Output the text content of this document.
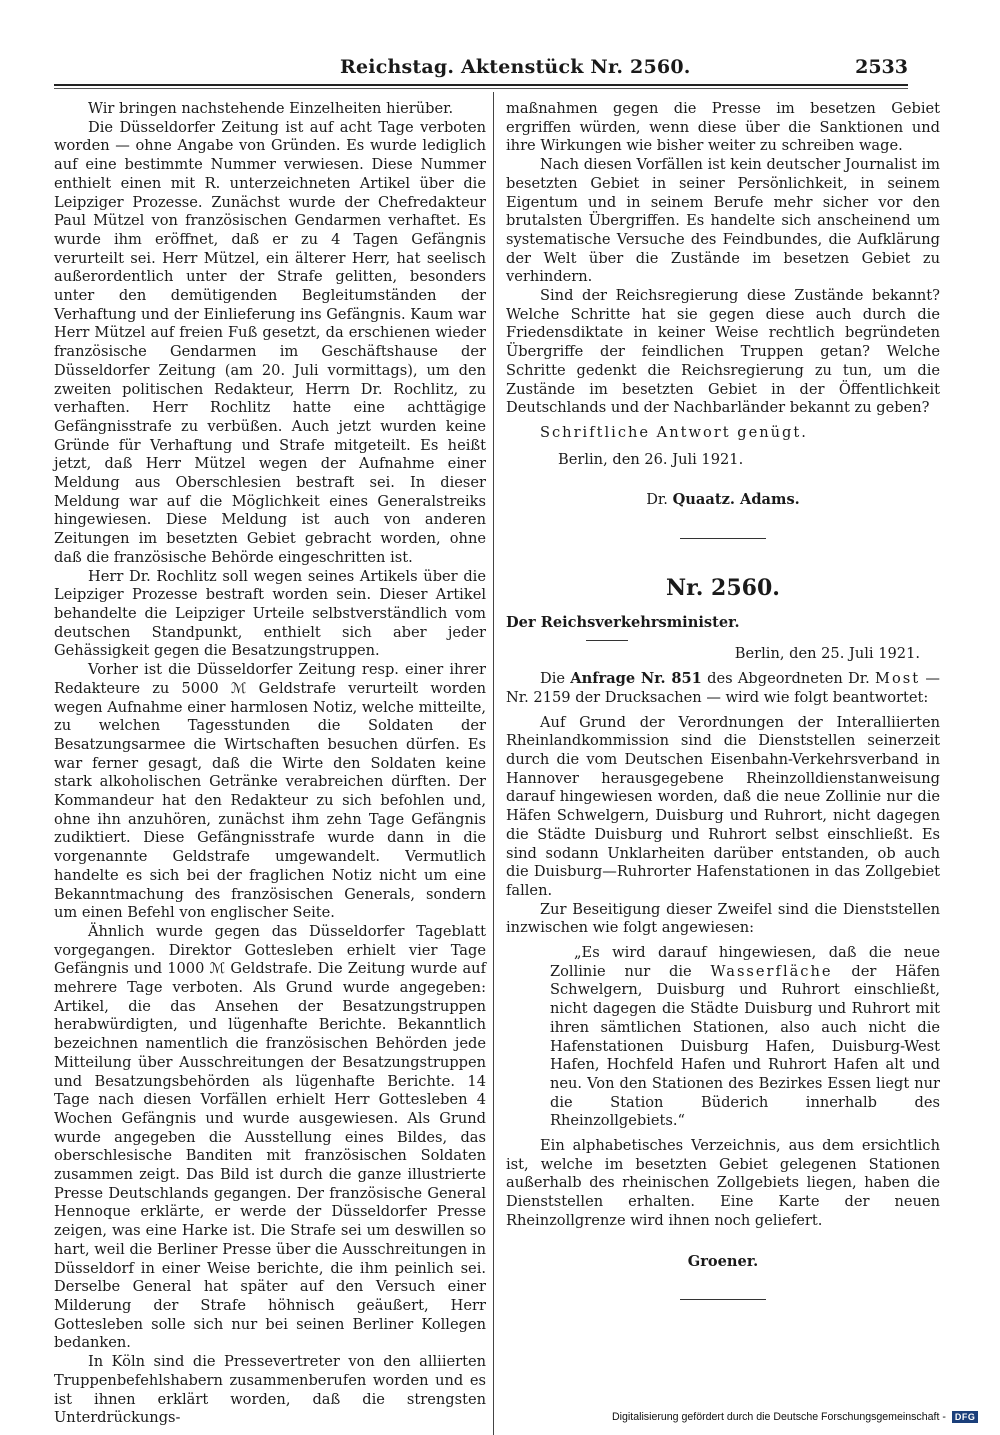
Reichstag. Aktenstück Nr. 2560.	2533

Wir bringen nachstehende Einzelheiten hierüber.

Die Düsseldorfer Zeitung ist auf acht Tage verboten worden — ohne Angabe von Gründen. Es wurde lediglich auf eine bestimmte Nummer verwiesen. Diese Nummer enthielt einen mit R. unterzeichneten Artikel über die Leipziger Prozesse. Zunächst wurde der Chefredakteur Paul Mützel von französischen Gendarmen verhaftet. Es wurde ihm eröffnet, daß er zu 4 Tagen Gefängnis verurteilt sei. Herr Mützel, ein älterer Herr, hat seelisch außerordentlich unter der Strafe gelitten, besonders unter den demütigenden Begleitumständen der Verhaftung und der Einlieferung ins Gefängnis. Kaum war Herr Mützel auf freien Fuß gesetzt, da erschienen wieder französische Gendarmen im Geschäftshause der Düsseldorfer Zeitung (am 20. Juli vormittags), um den zweiten politischen Redakteur, Herrn Dr. Rochlitz, zu verhaften. Herr Rochlitz hatte eine achttägige Gefängnisstrafe zu verbüßen. Auch jetzt wurden keine Gründe für Verhaftung und Strafe mitgeteilt. Es heißt jetzt, daß Herr Mützel wegen der Aufnahme einer Meldung aus Oberschlesien bestraft sei. In dieser Meldung war auf die Möglichkeit eines Generalstreiks hingewiesen. Diese Meldung ist auch von anderen Zeitungen im besetzten Gebiet gebracht worden, ohne daß die französische Behörde eingeschritten ist.

Herr Dr. Rochlitz soll wegen seines Artikels über die Leipziger Prozesse bestraft worden sein. Dieser Artikel behandelte die Leipziger Urteile selbstverständlich vom deutschen Standpunkt, enthielt sich aber jeder Gehässigkeit gegen die Besatzungstruppen.

Vorher ist die Düsseldorfer Zeitung resp. einer ihrer Redakteure zu 5000 ℳ Geldstrafe verurteilt worden wegen Aufnahme einer harmlosen Notiz, welche mitteilte, zu welchen Tagesstunden die Soldaten der Besatzungsarmee die Wirtschaften besuchen dürfen. Es war ferner gesagt, daß die Wirte den Soldaten keine stark alkoholischen Getränke verabreichen dürften. Der Kommandeur hat den Redakteur zu sich befohlen und, ohne ihn anzuhören, zunächst ihm zehn Tage Gefängnis zudiktiert. Diese Gefängnisstrafe wurde dann in die vorgenannte Geldstrafe umgewandelt. Vermutlich handelte es sich bei der fraglichen Notiz nicht um eine Bekanntmachung des französischen Generals, sondern um einen Befehl von englischer Seite.

Ähnlich wurde gegen das Düsseldorfer Tageblatt vorgegangen. Direktor Gottesleben erhielt vier Tage Gefängnis und 1000 ℳ Geldstrafe. Die Zeitung wurde auf mehrere Tage verboten. Als Grund wurde angegeben: Artikel, die das Ansehen der Besatzungstruppen herabwürdigten, und lügenhafte Berichte. Bekanntlich bezeichnen namentlich die französischen Behörden jede Mitteilung über Ausschreitungen der Besatzungstruppen und Besatzungsbehörden als lügenhafte Berichte. 14 Tage nach diesen Vorfällen erhielt Herr Gottesleben 4 Wochen Gefängnis und wurde ausgewiesen. Als Grund wurde angegeben die Ausstellung eines Bildes, das oberschlesische Banditen mit französischen Soldaten zusammen zeigt. Das Bild ist durch die ganze illustrierte Presse Deutschlands gegangen. Der französische General Hennoque erklärte, er werde der Düsseldorfer Presse zeigen, was eine Harke ist. Die Strafe sei um deswillen so hart, weil die Berliner Presse über die Ausschreitungen in Düsseldorf in einer Weise berichte, die ihm peinlich sei. Derselbe General hat später auf den Versuch einer Milderung der Strafe höhnisch geäußert, Herr Gottesleben solle sich nur bei seinen Berliner Kollegen bedanken.

In Köln sind die Pressevertreter von den alliierten Truppenbefehlshabern zusammenberufen worden und es ist ihnen erklärt worden, daß die strengsten Unterdrückungs-

maßnahmen gegen die Presse im besetzen Gebiet ergriffen würden, wenn diese über die Sanktionen und ihre Wirkungen wie bisher weiter zu schreiben wage.

Nach diesen Vorfällen ist kein deutscher Journalist im besetzten Gebiet in seiner Persönlichkeit, in seinem Eigentum und in seinem Berufe mehr sicher vor den brutalsten Übergriffen. Es handelte sich anscheinend um systematische Versuche des Feindbundes, die Aufklärung der Welt über die Zustände im besetzen Gebiet zu verhindern.

Sind der Reichsregierung diese Zustände bekannt? Welche Schritte hat sie gegen diese auch durch die Friedensdiktate in keiner Weise rechtlich begründeten Übergriffe der feindlichen Truppen getan? Welche Schritte gedenkt die Reichsregierung zu tun, um die Zustände im besetzten Gebiet in der Öffentlichkeit Deutschlands und der Nachbarländer bekannt zu geben?

Schriftliche Antwort genügt.

Berlin, den 26. Juli 1921.

Dr. Quaatz. Adams.

Nr. 2560.

Der Reichsverkehrsminister.

Berlin, den 25. Juli 1921.

Die Anfrage Nr. 851 des Abgeordneten Dr. Most — Nr. 2159 der Drucksachen — wird wie folgt beantwortet:

Auf Grund der Verordnungen der Interalliierten Rheinlandkommission sind die Dienststellen seinerzeit durch die vom Deutschen Eisenbahn-Verkehrsverband in Hannover herausgegebene Rheinzolldienstanweisung darauf hingewiesen worden, daß die neue Zollinie nur die Häfen Schwelgern, Duisburg und Ruhrort, nicht dagegen die Städte Duisburg und Ruhrort selbst einschließt. Es sind sodann Unklarheiten darüber entstanden, ob auch die Duisburg—Ruhrorter Hafenstationen in das Zollgebiet fallen.

Zur Beseitigung dieser Zweifel sind die Dienststellen inzwischen wie folgt angewiesen:

„Es wird darauf hingewiesen, daß die neue Zollinie nur die Wasserfläche der Häfen Schwelgern, Duisburg und Ruhrort einschließt, nicht dagegen die Städte Duisburg und Ruhrort mit ihren sämtlichen Stationen, also auch nicht die Hafenstationen Duisburg Hafen, Duisburg-West Hafen, Hochfeld Hafen und Ruhrort Hafen alt und neu. Von den Stationen des Bezirkes Essen liegt nur die Station Büderich innerhalb des Rheinzollgebiets.“

Ein alphabetisches Verzeichnis, aus dem ersichtlich ist, welche im besetzten Gebiet gelegenen Stationen außerhalb des rheinischen Zollgebiets liegen, haben die Dienststellen erhalten. Eine Karte der neuen Rheinzollgrenze wird ihnen noch geliefert.

Groener.

Digitalisierung gefördert durch die Deutsche Forschungsgemeinschaft - DFG
